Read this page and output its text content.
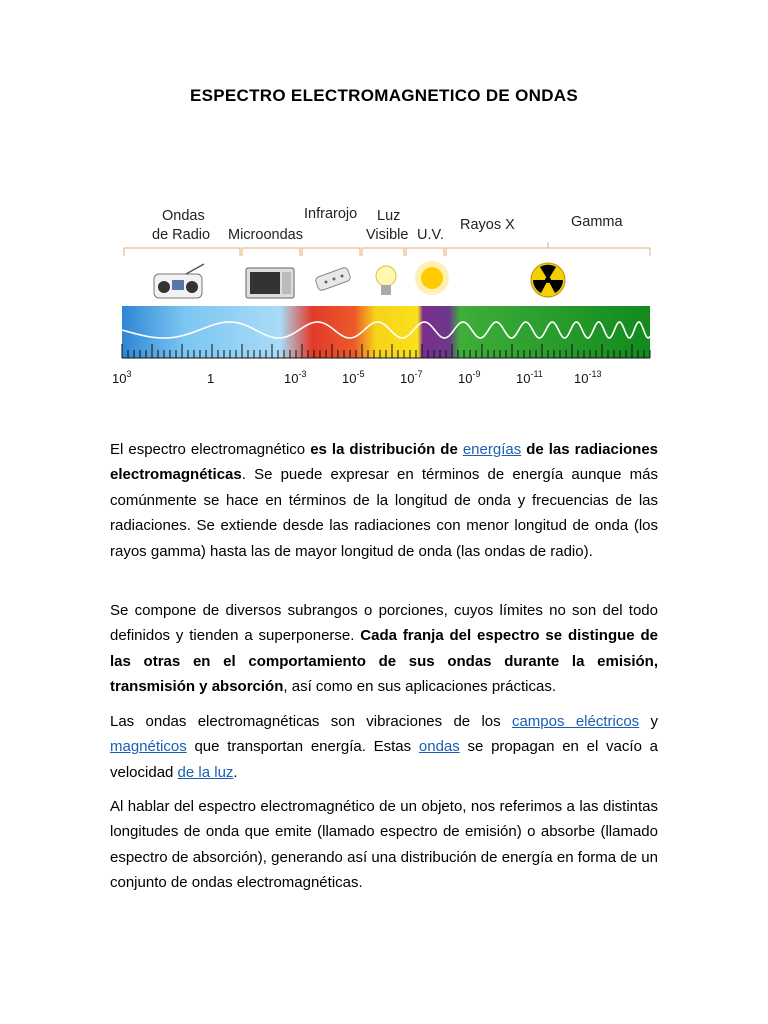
ESPECTRO ELECTROMAGNETICO DE ONDAS
Ondas
de Radio Microondas
Infrarojo Luz
Visible U.V.
Rayos X	Gamma
$10^3$	1	$10^{-3}$	$10^{-5}$	$10^{-7}$	$10^{-9}$	$10^{-11}$ $10^{-13}$

El espectro electromagnético es la distribución de energías de las radiaciones electromagnéticas. Se puede expresar en términos de energía aunque más comúnmente se hace en términos de la longitud de onda y frecuencias de las radiaciones. Se extiende desde las radiaciones con menor longitud de onda (los rayos gamma) hasta las de mayor longitud de onda (las ondas de radio).

Se compone de diversos subrangos o porciones, cuyos límites no son del todo definidos y tienden a superponerse. Cada franja del espectro se distingue de las otras en el comportamiento de sus ondas durante la emisión, transmisión y absorción, así como en sus aplicaciones prácticas.

Las ondas electromagnéticas son vibraciones de los campos eléctricos y magnéticos que transportan energía. Estas ondas se propagan en el vacío a velocidad de la luz.

Al hablar del espectro electromagnético de un objeto, nos referimos a las distintas longitudes de onda que emite (llamado espectro de emisión) o absorbe (llamado espectro de absorción), generando así una distribución de energía en forma de un conjunto de ondas electromagnéticas.
